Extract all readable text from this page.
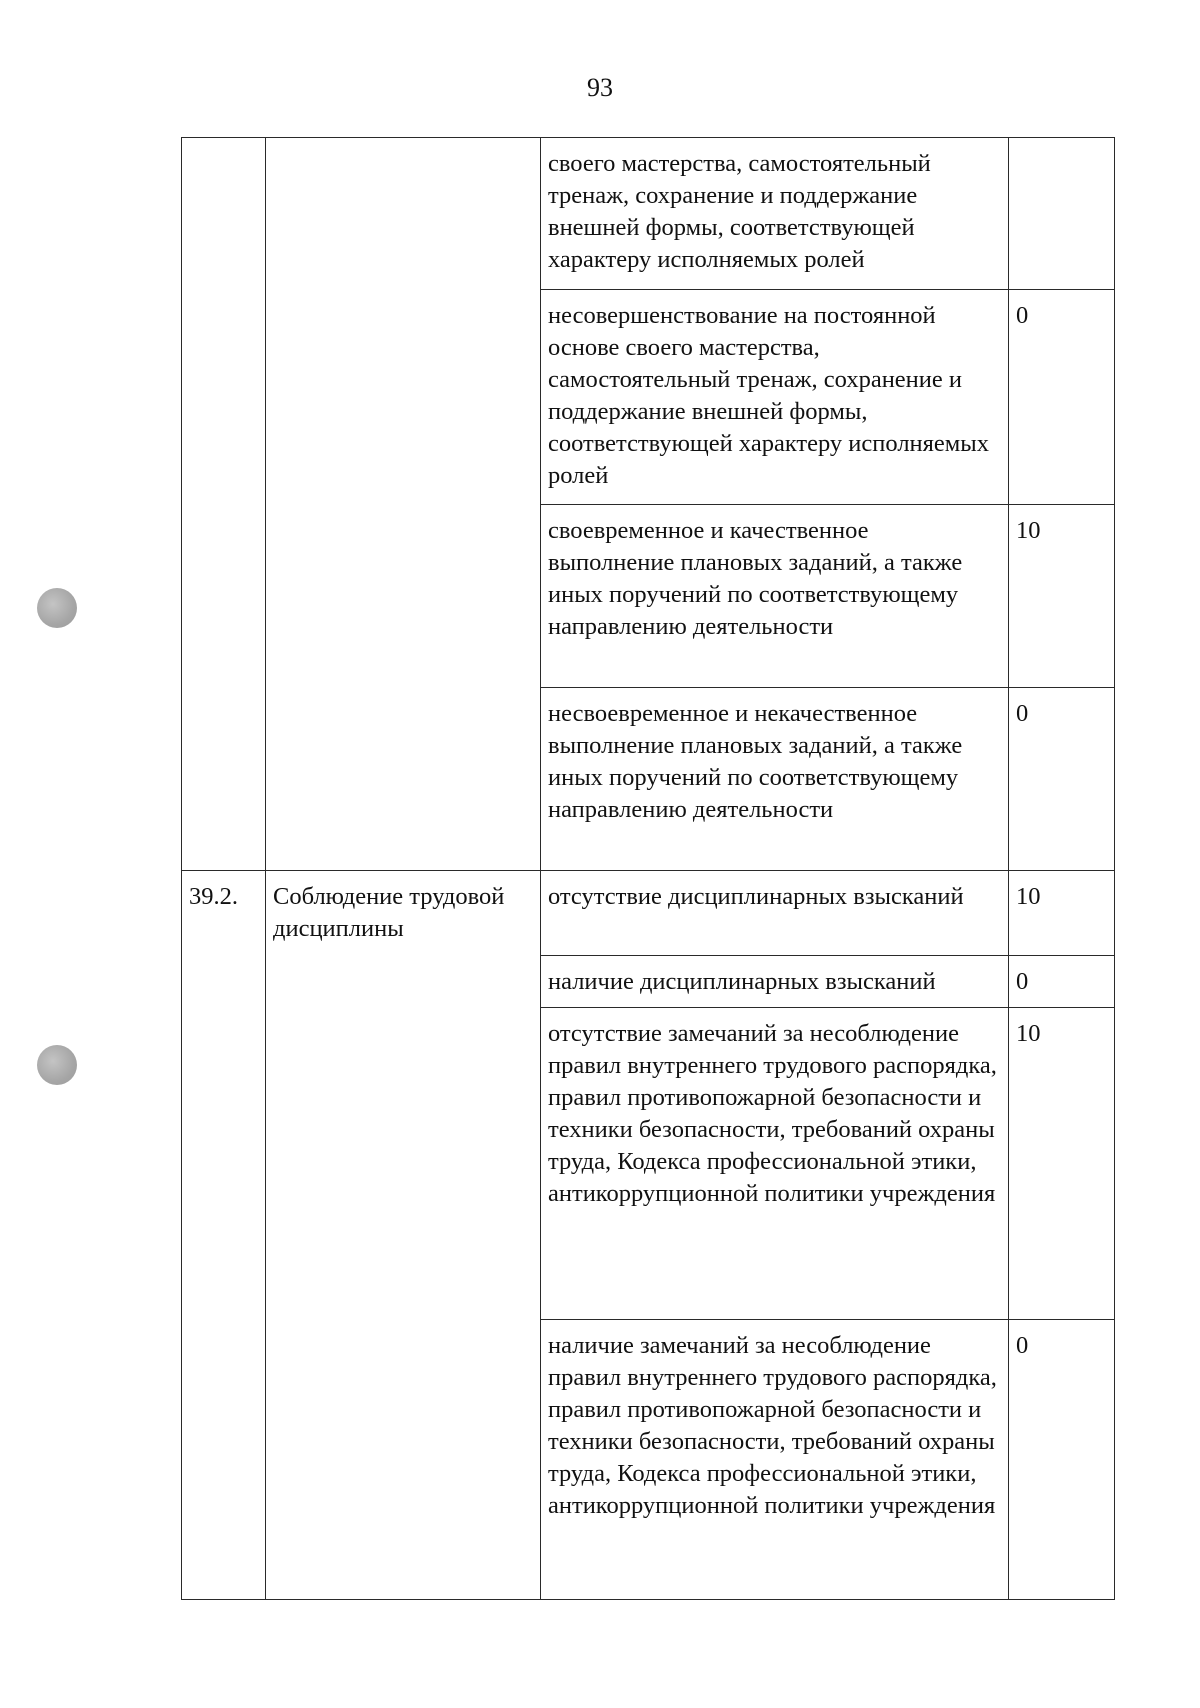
93
		своего мастерства, самостоятельный тренаж, сохранение и поддержание внешней формы, соответствующей характеру исполняемых ролей	
		несовершенствование на постоянной основе своего мастерства, самостоятельный тренаж, сохранение и поддержание внешней формы, соответствующей характеру исполняемых ролей	0
		своевременное и качественное выполнение плановых заданий, а также иных поручений по соответствующему направлению деятельности	10
		несвоевременное и некачественное выполнение плановых заданий, а также иных поручений по соответствующему направлению деятельности	0
39.2.	Соблюдение трудовой дисциплины	отсутствие дисциплинарных взысканий	10
		наличие дисциплинарных взысканий	0
		отсутствие замечаний за несоблюдение правил внутреннего трудового распорядка, правил противопожарной безопасности и техники безопасности, требований охраны труда, Кодекса профессиональной этики, антикоррупционной политики учреждения	10
		наличие замечаний за несоблюдение правил внутреннего трудового распорядка, правил противопожарной безопасности и техники безопасности, требований охраны труда, Кодекса профессиональной этики, антикоррупционной политики учреждения	0
